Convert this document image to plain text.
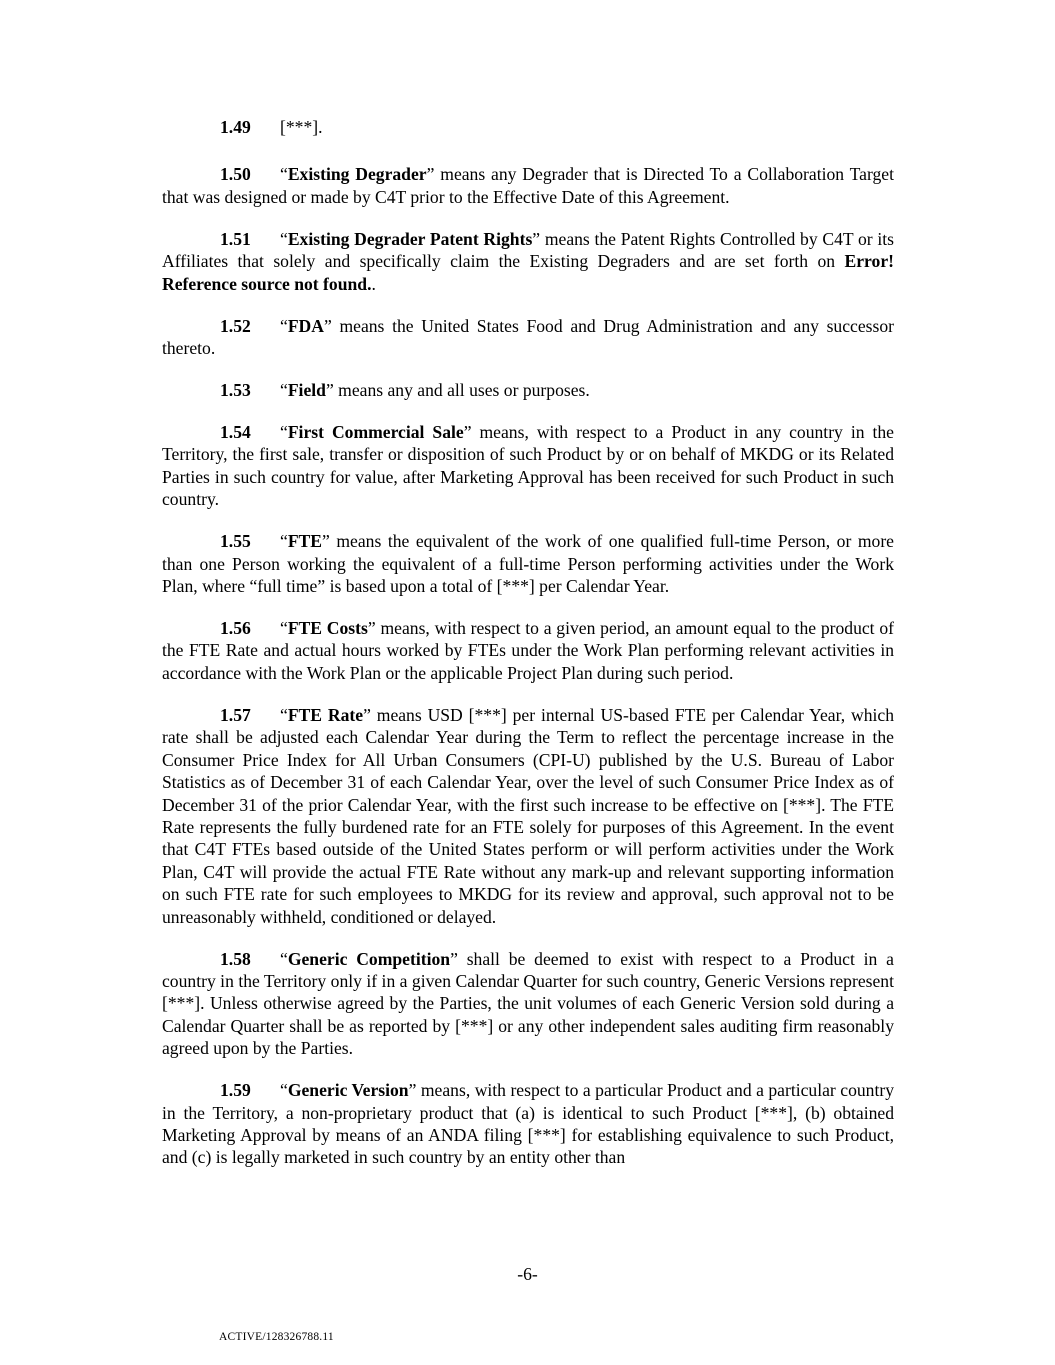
1.49 [***].

1.50 “Existing Degrader” means any Degrader that is Directed To a Collaboration Target that was designed or made by C4T prior to the Effective Date of this Agreement.

1.51 “Existing Degrader Patent Rights” means the Patent Rights Controlled by C4T or its Affiliates that solely and specifically claim the Existing Degraders and are set forth on Error! Reference source not found..

1.52 “FDA” means the United States Food and Drug Administration and any successor thereto.

1.53 “Field” means any and all uses or purposes.

1.54 “First Commercial Sale” means, with respect to a Product in any country in the Territory, the first sale, transfer or disposition of such Product by or on behalf of MKDG or its Related Parties in such country for value, after Marketing Approval has been received for such Product in such country.

1.55 “FTE” means the equivalent of the work of one qualified full-time Person, or more than one Person working the equivalent of a full-time Person performing activities under the Work Plan, where “full time” is based upon a total of [***] per Calendar Year.

1.56 “FTE Costs” means, with respect to a given period, an amount equal to the product of the FTE Rate and actual hours worked by FTEs under the Work Plan performing relevant activities in accordance with the Work Plan or the applicable Project Plan during such period.

1.57 “FTE Rate” means USD [***] per internal US-based FTE per Calendar Year, which rate shall be adjusted each Calendar Year during the Term to reflect the percentage increase in the Consumer Price Index for All Urban Consumers (CPI-U) published by the U.S. Bureau of Labor Statistics as of December 31 of each Calendar Year, over the level of such Consumer Price Index as of December 31 of the prior Calendar Year, with the first such increase to be effective on [***]. The FTE Rate represents the fully burdened rate for an FTE solely for purposes of this Agreement. In the event that C4T FTEs based outside of the United States perform or will perform activities under the Work Plan, C4T will provide the actual FTE Rate without any mark-up and relevant supporting information on such FTE rate for such employees to MKDG for its review and approval, such approval not to be unreasonably withheld, conditioned or delayed.

1.58 “Generic Competition” shall be deemed to exist with respect to a Product in a country in the Territory only if in a given Calendar Quarter for such country, Generic Versions represent [***]. Unless otherwise agreed by the Parties, the unit volumes of each Generic Version sold during a Calendar Quarter shall be as reported by [***] or any other independent sales auditing firm reasonably agreed upon by the Parties.

1.59 “Generic Version” means, with respect to a particular Product and a particular country in the Territory, a non-proprietary product that (a) is identical to such Product [***], (b) obtained Marketing Approval by means of an ANDA filing [***] for establishing equivalence to such Product, and (c) is legally marketed in such country by an entity other than

-6-
ACTIVE/128326788.11
